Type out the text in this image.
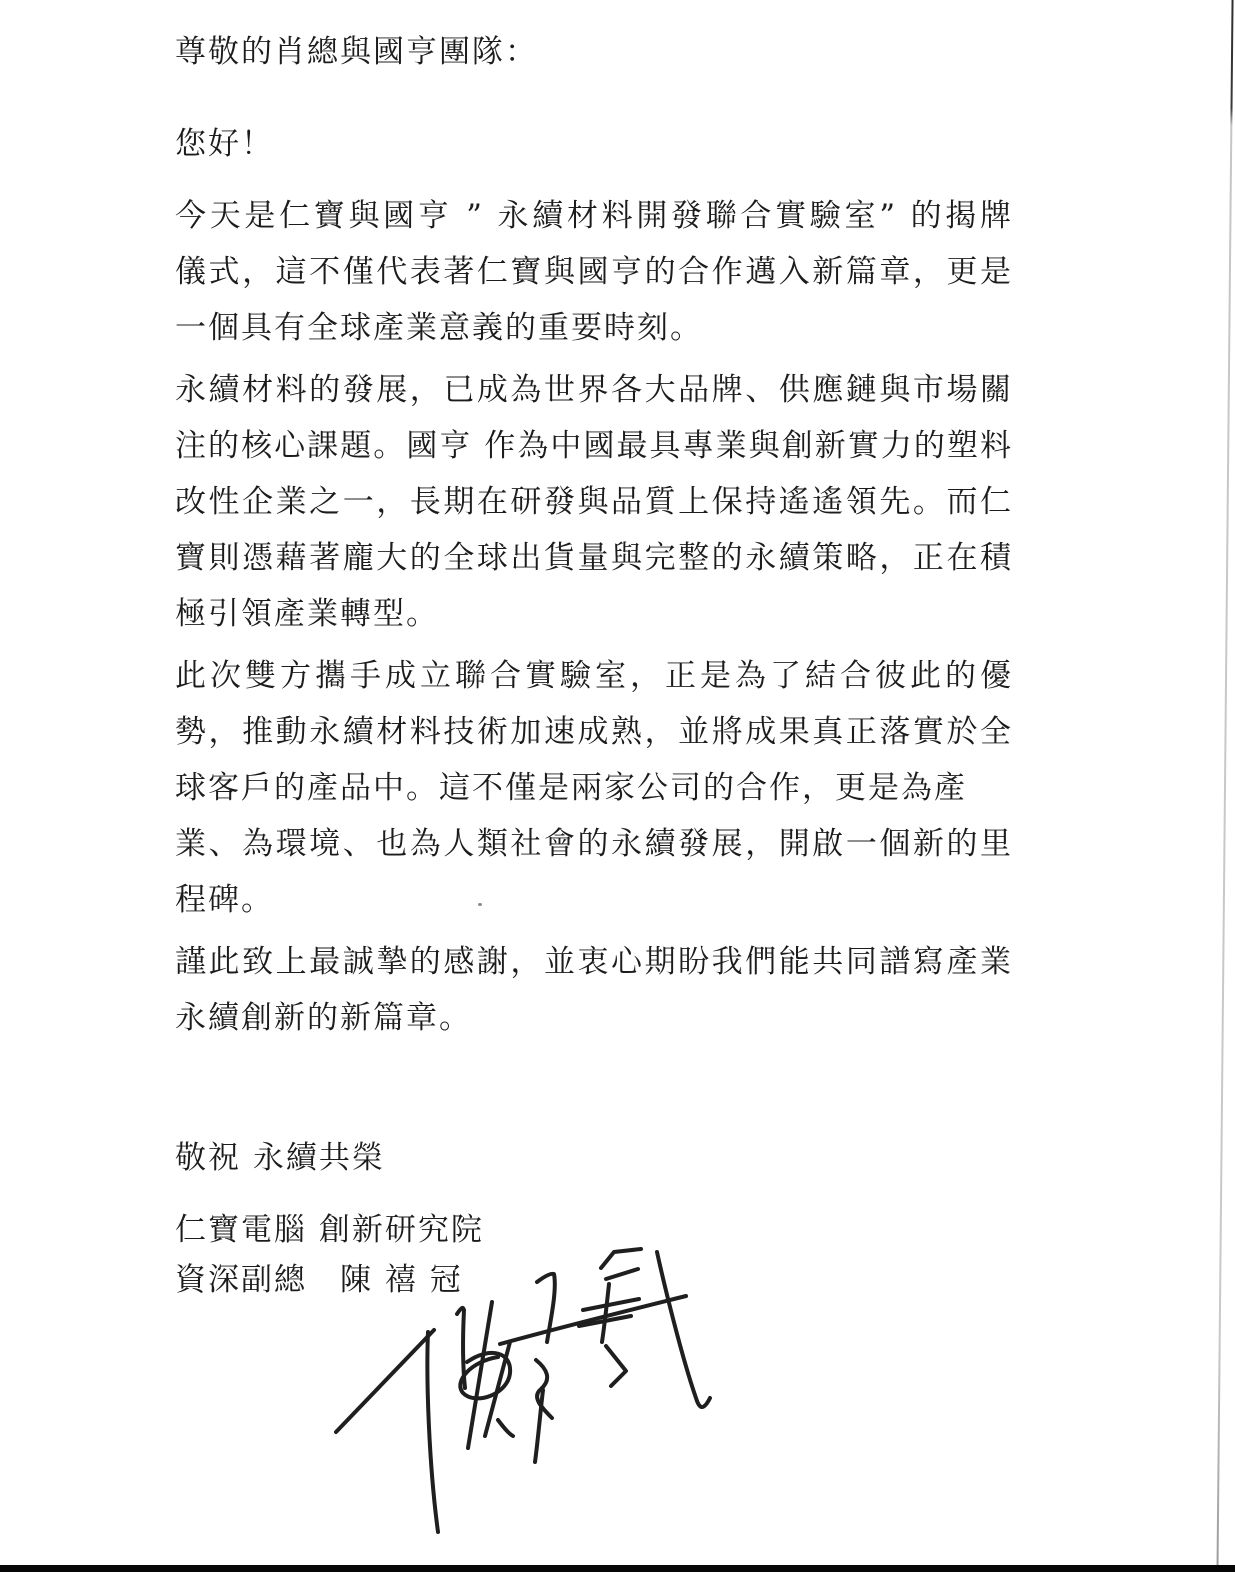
尊敬的肖總與國亨團隊：
您好！
今天是仁寶與國亨 ” 永續材料開發聯合實驗室” 的揭牌
儀式，這不僅代表著仁寶與國亨的合作邁入新篇章，更是
一個具有全球產業意義的重要時刻。
永續材料的發展，已成為世界各大品牌、供應鏈與市場關
注的核心課題。國亨 作為中國最具專業與創新實力的塑料
改性企業之一，長期在研發與品質上保持遙遙領先。而仁
寶則憑藉著龐大的全球出貨量與完整的永續策略，正在積
極引領產業轉型。
此次雙方攜手成立聯合實驗室，正是為了結合彼此的優
勢，推動永續材料技術加速成熟，並將成果真正落實於全
球客戶的產品中。這不僅是兩家公司的合作，更是為產
業、為環境、也為人類社會的永續發展，開啟一個新的里
程碑。
謹此致上最誠摯的感謝，並衷心期盼我們能共同譜寫產業
永續創新的新篇章。
敬祝 永續共榮
仁寶電腦 創新研究院
資深副總　陳 禧 冠
